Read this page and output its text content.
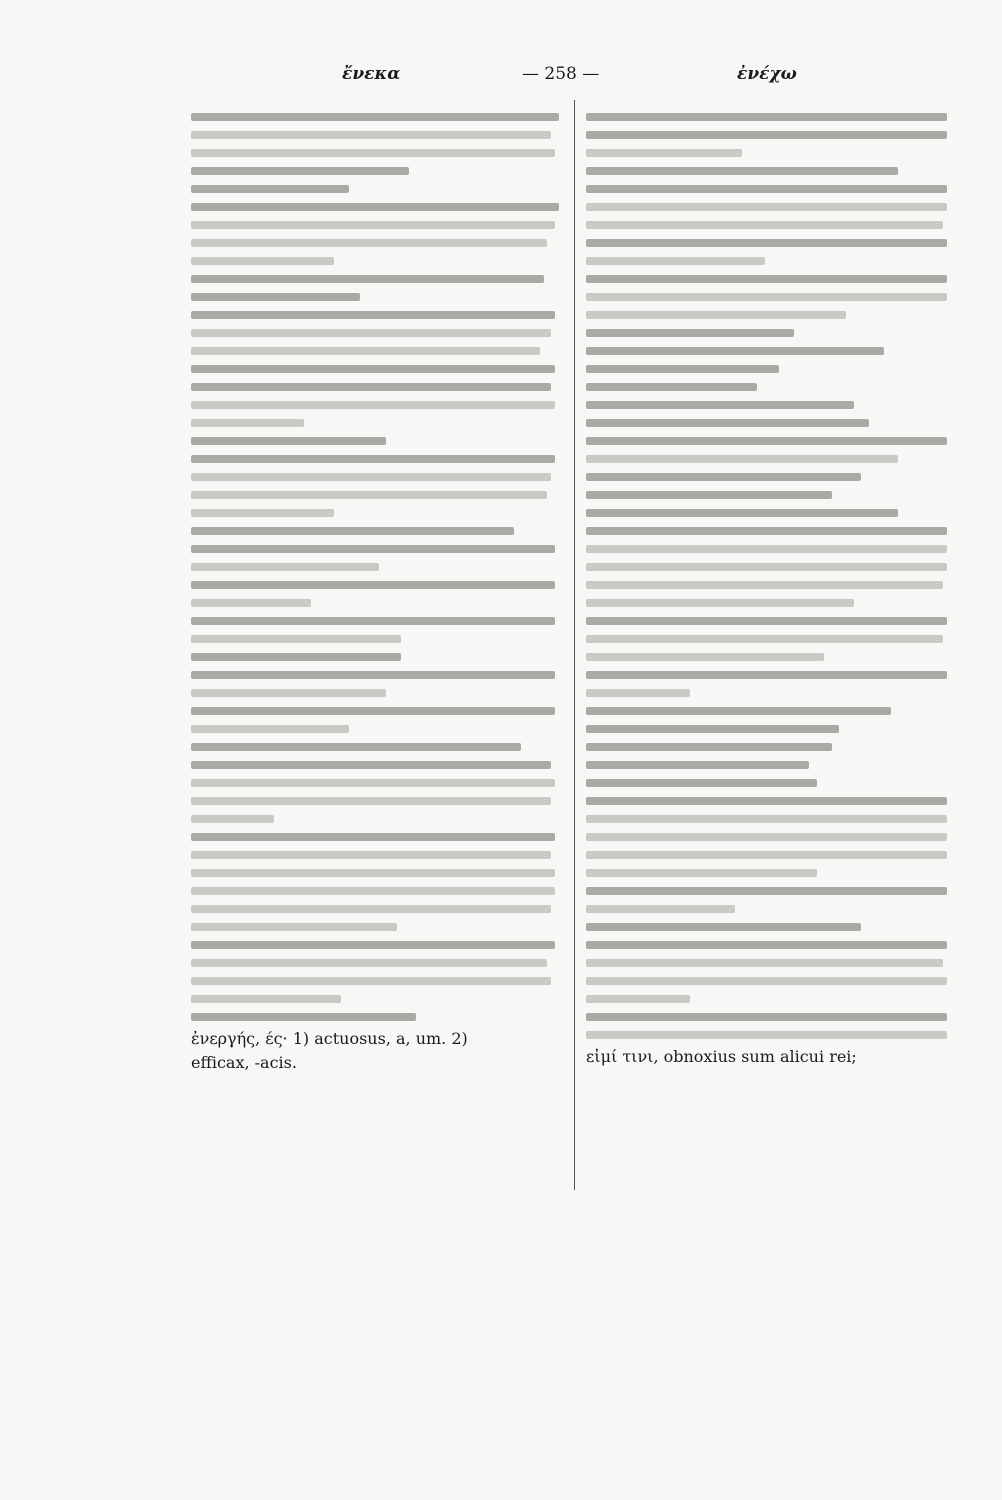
ἔνεκα	— 258 —	ἐνέχω
ἐνεργής, ές· 1) actuosus, a, um. 2)
efficax, -acis.	εἰμί τινι, obnoxius sum alicui rei;
